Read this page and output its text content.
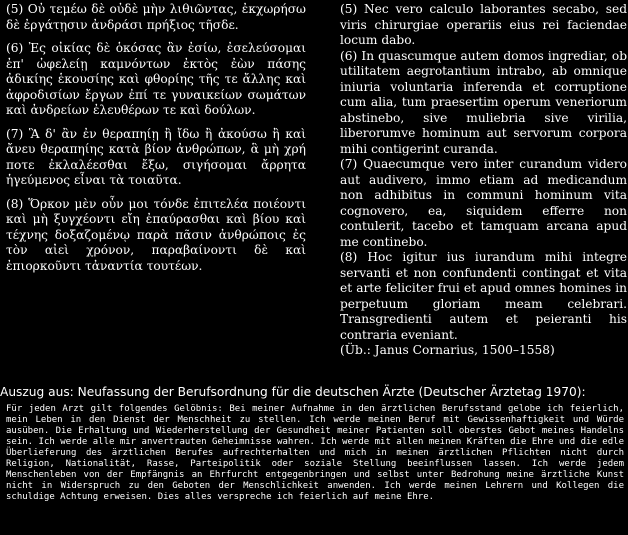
(5) Οὐ τεμέω δὲ οὐδὲ μὴν λιθιῶντας, ἐκχωρήσω δὲ ἐργάτῃσιν ἀνδράσι πρήξιος τῆσδε.

(6) Ἐς οἰκίας δὲ ὁκόσας ἂν ἐσίω, ἐσελεύσομαι ἐπ' ὠφελείῃ καμνόντων ἐκτὸς ἐὼν πάσης ἀδικίης ἑκουσίης καὶ φθορίης τῆς τε ἄλλης καὶ ἀφροδισίων ἔργων ἐπί τε γυναικείων σωμάτων καὶ ἀνδρείων ἐλευθέρων τε καὶ δούλων.

(7) Ἃ δ' ἂν ἐν θεραπηίῃ ἢ ἴδω ἢ ἀκούσω ἢ καὶ ἄνευ θεραπηίης κατὰ βίον ἀνθρώπων, ἃ μὴ χρή ποτε ἐκλαλέεσθαι ἔξω, σιγήσομαι ἄρρητα ἡγεύμενος εἶναι τὰ τοιαῦτα.

(8) Ὅρκον μὲν οὖν μοι τόνδε ἐπιτελέα ποιέοντι καὶ μὴ ξυγχέοντι εἴη ἐπαύρασθαι καὶ βίου καὶ τέχνης δοξαζομένῳ παρὰ πᾶσιν ἀνθρώποις ἐς τὸν αἰεὶ χρόνον, παραβαίνοντι δὲ καὶ ἐπιορκοῦντι τἀναντία τουτέων.

(5) Nec vero calculo laborantes secabo, sed viris chirurgiae operariis eius rei faciendae locum dabo.

(6) In quascumque autem domos ingrediar, ob utilitatem aegrotantium intrabo, ab omnique iniuria voluntaria inferenda et corruptione cum alia, tum praesertim operum veneriorum abstinebo, sive muliebria sive virilia, liberorumve hominum aut servorum corpora mihi contigerint curanda.

(7) Quaecumque vero inter curandum videro aut audivero, immo etiam ad medicandum non adhibitus in communi hominum vita cognovero, ea, siquidem efferre non contulerit, tacebo et tamquam arcana apud me continebo.

(8) Hoc igitur ius iurandum mihi integre servanti et non confundenti contingat et vita et arte feliciter frui et apud omnes homines in perpetuum gloriam meam celebrari. Transgredienti autem et peieranti his contraria eveniant.

(Üb.: Janus Cornarius, 1500–1558)

Auszug aus: Neufassung der Berufsordnung für die deutschen Ärzte (Deutscher Ärztetag 1970):

Für jeden Arzt gilt folgendes Gelöbnis: Bei meiner Aufnahme in den ärztlichen Berufsstand gelobe ich feierlich, mein Leben in den Dienst der Menschheit zu stellen. Ich werde meinen Beruf mit Gewissenhaftigkeit und Würde ausüben. Die Erhaltung und Wiederherstellung der Gesundheit meiner Patienten soll oberstes Gebot meines Handelns sein. Ich werde alle mir anvertrauten Geheimnisse wahren. Ich werde mit allen meinen Kräften die Ehre und die edle Überlieferung des ärztlichen Berufes aufrechterhalten und mich in meinen ärztlichen Pflichten nicht durch Religion, Nationalität, Rasse, Parteipolitik oder soziale Stellung beeinflussen lassen. Ich werde jedem Menschenleben von der Empfängnis an Ehrfurcht entgegenbringen und selbst unter Bedrohung meine ärztliche Kunst nicht in Widerspruch zu den Geboten der Menschlichkeit anwenden. Ich werde meinen Lehrern und Kollegen die schuldige Achtung erweisen. Dies alles verspreche ich feierlich auf meine Ehre.
